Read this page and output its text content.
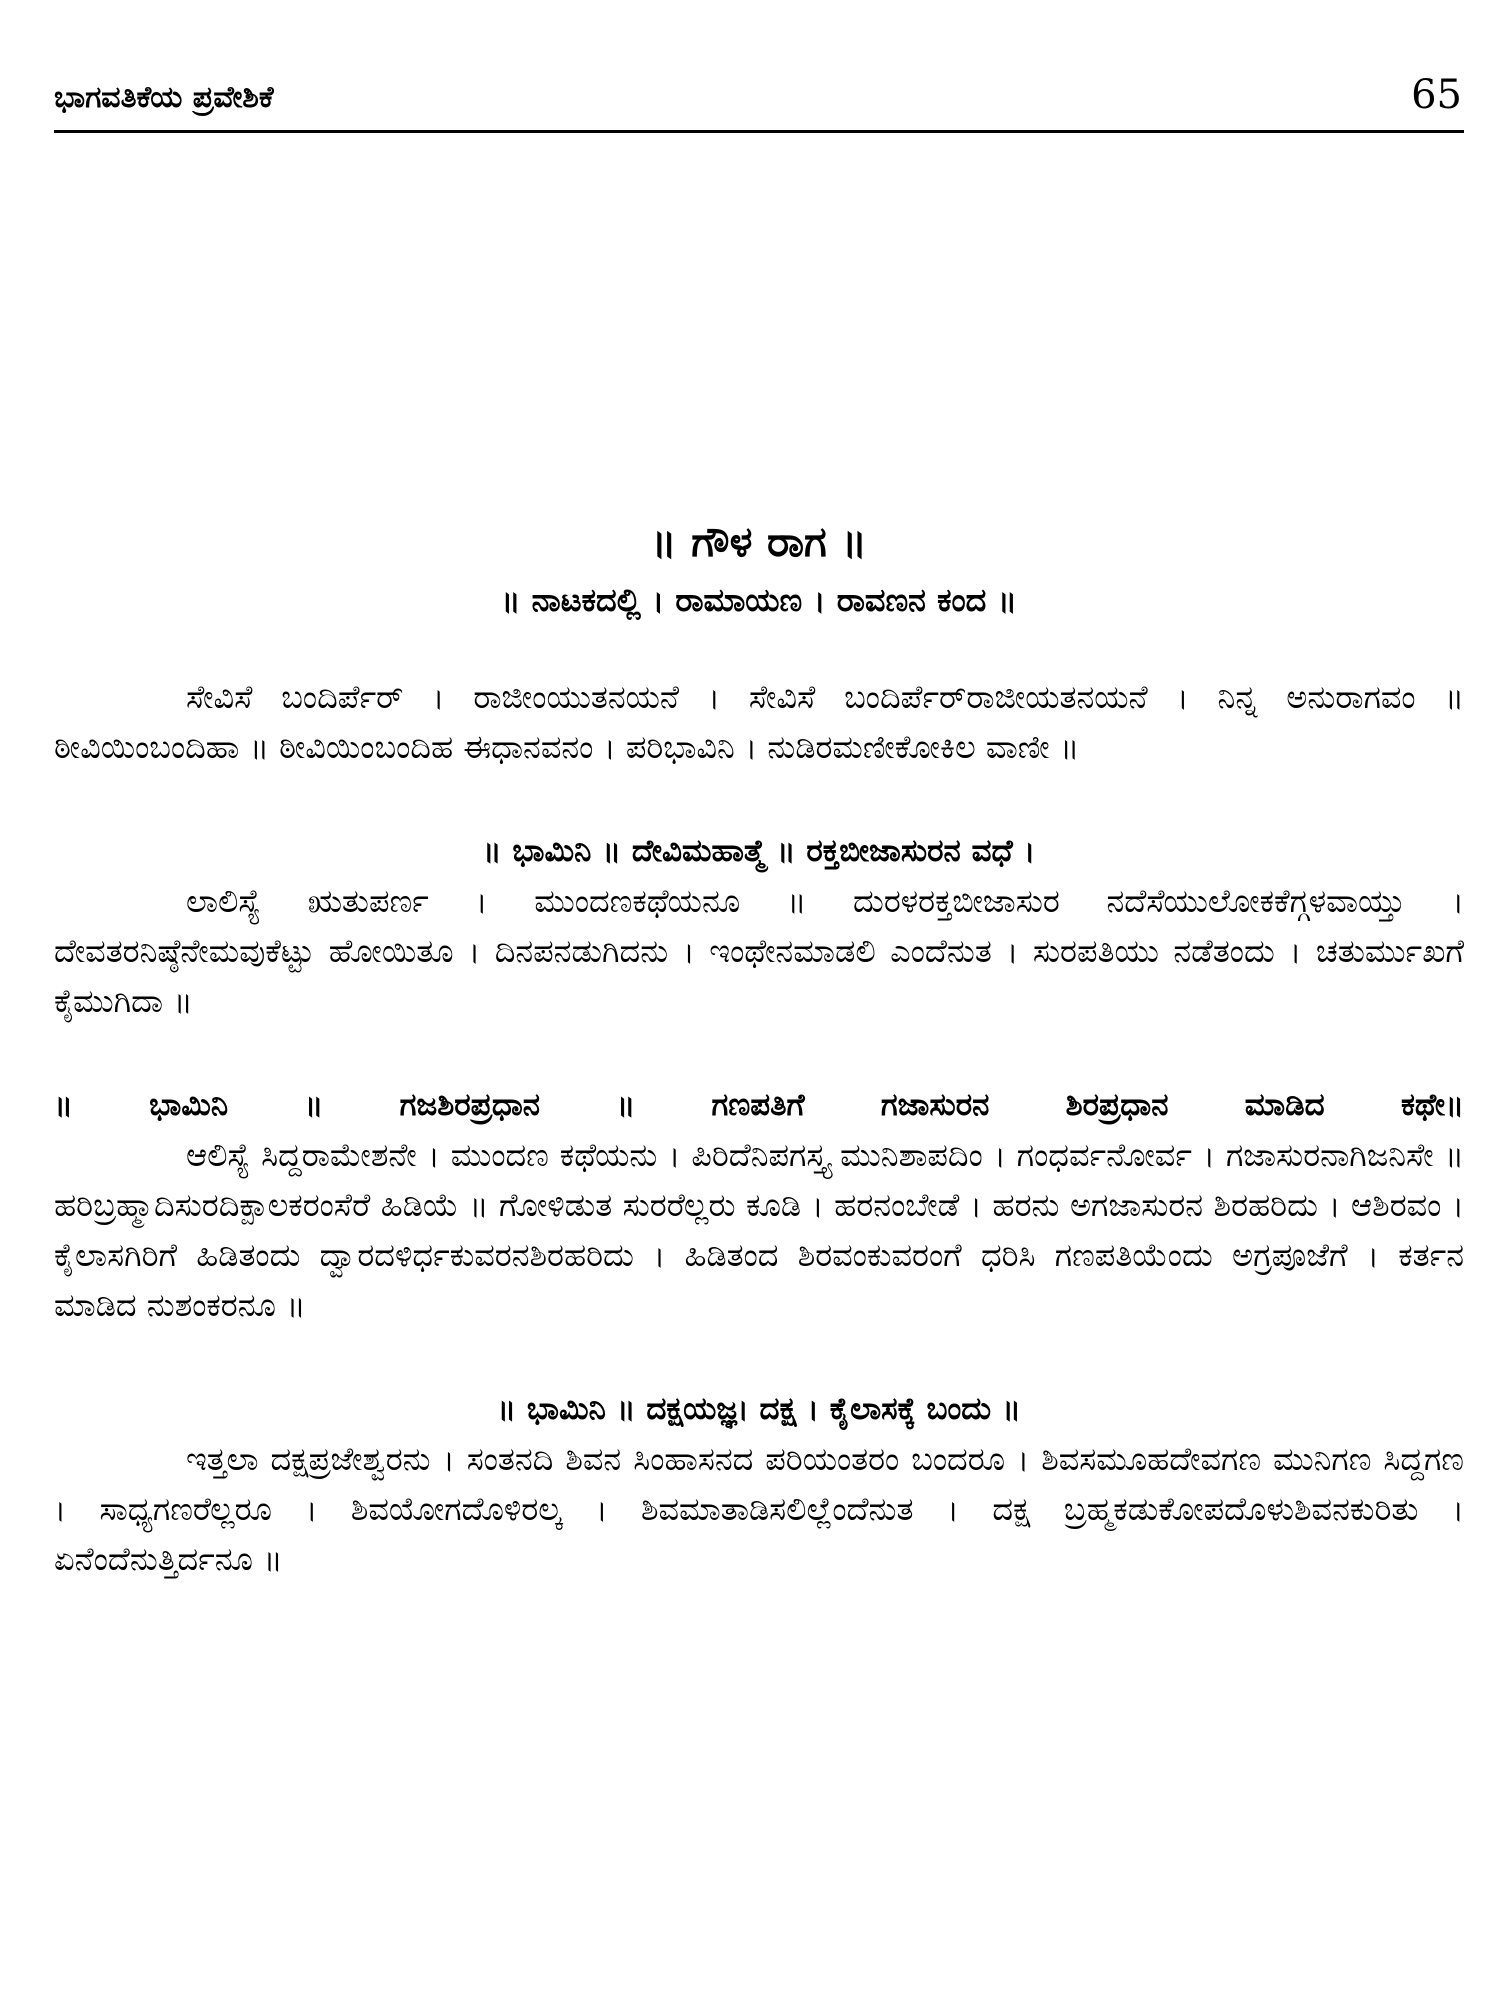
ಭಾಗವತಿಕೆಯ ಪ್ರವೇಶಿಕೆ	65

॥ ಗೌಳ ರಾಗ ॥

॥ ನಾಟಕದಲ್ಲಿ । ರಾಮಾಯಣ । ರಾವಣನ ಕಂದ ॥

ಸೇವಿಸೆ ಬಂದಿರ್ಪೆರ್ । ರಾಜೀಂಯುತನಯನೆ । ಸೇವಿಸೆ ಬಂದಿರ್ಪೆರ್‌ರಾಜೀಯತನಯನೆ । ನಿನ್ನ ಅನುರಾಗವಂ ॥ ಠೀವಿಯಿಂಬಂದಿಹಾ ॥ ಠೀವಿಯಿಂಬಂದಿಹ ಈಧಾನವನಂ । ಪರಿಭಾವಿನಿ । ನುಡಿರಮಣೀಕೋಕಿಲ ವಾಣೀ ॥

॥ ಭಾಮಿನಿ ॥ ದೇವಿಮಹಾತ್ಮೆ ॥ ರಕ್ತಬೀಜಾಸುರನ ವಧೆ ।

ಲಾಲಿಸ್ಯೆ ಋತುಪರ್ಣ । ಮುಂದಣಕಥೆಯನೂ ॥ ದುರಳರಕ್ತಬೀಜಾಸುರ ನದೆಸೆಯುಲೋಕಕೆಗ್ಗಳವಾಯ್ತು । ದೇವತರನಿಷ್ಠೆನೇಮವುಕೆಟ್ಟು ಹೋಯಿತೂ । ದಿನಪನಡುಗಿದನು । ಇಂಥೇನಮಾಡಲಿ ಎಂದೆನುತ । ಸುರಪತಿಯು ನಡೆತಂದು । ಚತುರ್ಮುಖಗೆ ಕೈಮುಗಿದಾ ॥

॥ ಭಾಮಿನಿ ॥ ಗಜಶಿರಪ್ರಧಾನ ॥ ಗಣಪತಿಗೆ ಗಜಾಸುರನ ಶಿರಪ್ರಧಾನ ಮಾಡಿದ ಕಥೇ॥

ಆಲಿಸ್ಯೆ ಸಿದ್ದರಾಮೇಶನೇ । ಮುಂದಣ ಕಥೆಯನು । ಪಿರಿದೆನಿಪಗಸ್ತ್ಯ ಮುನಿಶಾಪದಿಂ । ಗಂಧರ್ವನೋರ್ವ । ಗಜಾಸುರನಾಗಿಜನಿಸೇ ॥ ಹರಿಬ್ರಹ್ಮಾದಿಸುರದಿಕ್ಪಾಲಕರಂಸೆರೆ ಹಿಡಿಯೆ ॥ ಗೋಳಿಡುತ ಸುರರೆಲ್ಲರು ಕೂಡಿ । ಹರನಂಬೇಡೆ । ಹರನು ಅಗಜಾಸುರನ ಶಿರಹರಿದು । ಆಶಿರವಂ । ಕೈಲಾಸಗಿರಿಗೆ ಹಿಡಿತಂದು ದ್ವಾರದಳಿರ್ಧಕುವರನಶಿರಹರಿದು । ಹಿಡಿತಂದ ಶಿರವಂಕುವರಂಗೆ ಧರಿಸಿ ಗಣಪತಿಯೆಂದು ಅಗ್ರಪೂಜೆಗೆ । ಕರ್ತನ ಮಾಡಿದ ನುಶಂಕರನೂ ॥

॥ ಭಾಮಿನಿ ॥ ದಕ್ಷಯಜ್ಞ। ದಕ್ಷ । ಕೈಲಾಸಕ್ಕೆ ಬಂದು ॥

ಇತ್ತಲಾ ದಕ್ಷಪ್ರಜೇಶ್ವರನು । ಸಂತನದಿ ಶಿವನ ಸಿಂಹಾಸನದ ಪರಿಯಂತರಂ ಬಂದರೂ । ಶಿವಸಮೂಹದೇವಗಣ ಮುನಿಗಣ ಸಿದ್ದಗಣ । ಸಾಧ್ಯಗಣರೆಲ್ಲರೂ । ಶಿವಯೋಗದೊಳಿರಲ್ಕ । ಶಿವಮಾತಾಡಿಸಲಿಲ್ಲೆಂದೆನುತ । ದಕ್ಷ ಬ್ರಹ್ಮಕಡುಕೋಪದೊಳುಶಿವನಕುರಿತು । ಏನೆಂದೆನುತ್ತಿರ್ದನೂ ॥
